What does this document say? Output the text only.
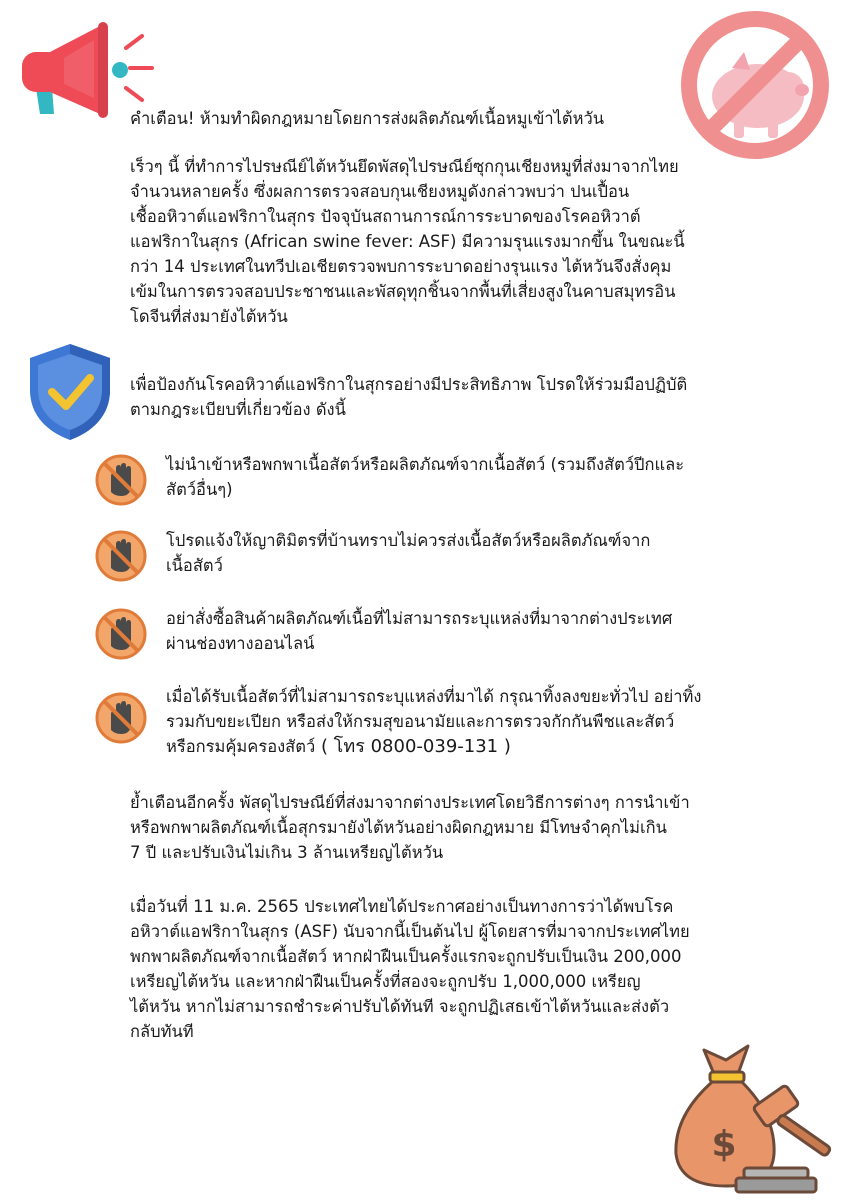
คำเตือน! ห้ามทำผิดกฎหมายโดยการส่งผลิตภัณฑ์เนื้อหมูเข้าไต้หวัน

เร็วๆ นี้ ที่ทำการไปรษณีย์ไต้หวันยึดพัสดุไปรษณีย์ซุกกุนเชียงหมูที่ส่งมาจากไทย
จำนวนหลายครั้ง ซึ่งผลการตรวจสอบกุนเชียงหมูดังกล่าวพบว่า ปนเปื้อน
เชื้ออหิวาต์แอฟริกาในสุกร ปัจจุบันสถานการณ์การระบาดของโรคอหิวาต์
แอฟริกาในสุกร (African swine fever: ASF) มีความรุนแรงมากขึ้น ในขณะนี้
กว่า 14 ประเทศในทวีปเอเชียตรวจพบการระบาดอย่างรุนแรง ไต้หวันจึงสั่งคุม
เข้มในการตรวจสอบประชาชนและพัสดุทุกชิ้นจากพื้นที่เสี่ยงสูงในคาบสมุทรอิน
โดจีนที่ส่งมายังไต้หวัน

เพื่อป้องกันโรคอหิวาต์แอฟริกาในสุกรอย่างมีประสิทธิภาพ โปรดให้ร่วมมือปฏิบัติ
ตามกฎระเบียบที่เกี่ยวข้อง ดังนี้

ไม่นำเข้าหรือพกพาเนื้อสัตว์หรือผลิตภัณฑ์จากเนื้อสัตว์ (รวมถึงสัตว์ปีกและ
สัตว์อื่นๆ)

โปรดแจ้งให้ญาติมิตรที่บ้านทราบไม่ควรส่งเนื้อสัตว์หรือผลิตภัณฑ์จาก
เนื้อสัตว์

อย่าสั่งซื้อสินค้าผลิตภัณฑ์เนื้อที่ไม่สามารถระบุแหล่งที่มาจากต่างประเทศ
ผ่านช่องทางออนไลน์

เมื่อได้รับเนื้อสัตว์ที่ไม่สามารถระบุแหล่งที่มาได้ กรุณาทิ้งลงขยะทั่วไป อย่าทิ้ง
รวมกับขยะเปียก หรือส่งให้กรมสุขอนามัยและการตรวจกักกันพืชและสัตว์
หรือกรมคุ้มครองสัตว์ ( โทร 0800-039-131 )

ย้ำเตือนอีกครั้ง พัสดุไปรษณีย์ที่ส่งมาจากต่างประเทศโดยวิธีการต่างๆ การนำเข้า
หรือพกพาผลิตภัณฑ์เนื้อสุกรมายังไต้หวันอย่างผิดกฎหมาย มีโทษจำคุกไม่เกิน
7 ปี และปรับเงินไม่เกิน 3 ล้านเหรียญไต้หวัน

เมื่อวันที่ 11 ม.ค. 2565 ประเทศไทยได้ประกาศอย่างเป็นทางการว่าได้พบโรค
อหิวาต์แอฟริกาในสุกร (ASF) นับจากนี้เป็นต้นไป ผู้โดยสารที่มาจากประเทศไทย
พกพาผลิตภัณฑ์จากเนื้อสัตว์ หากฝ่าฝืนเป็นครั้งแรกจะถูกปรับเป็นเงิน 200,000
เหรียญไต้หวัน และหากฝ่าฝืนเป็นครั้งที่สองจะถูกปรับ 1,000,000 เหรียญ
ไต้หวัน หากไม่สามารถชำระค่าปรับได้ทันที จะถูกปฏิเสธเข้าไต้หวันและส่งตัว
กลับทันที

$
